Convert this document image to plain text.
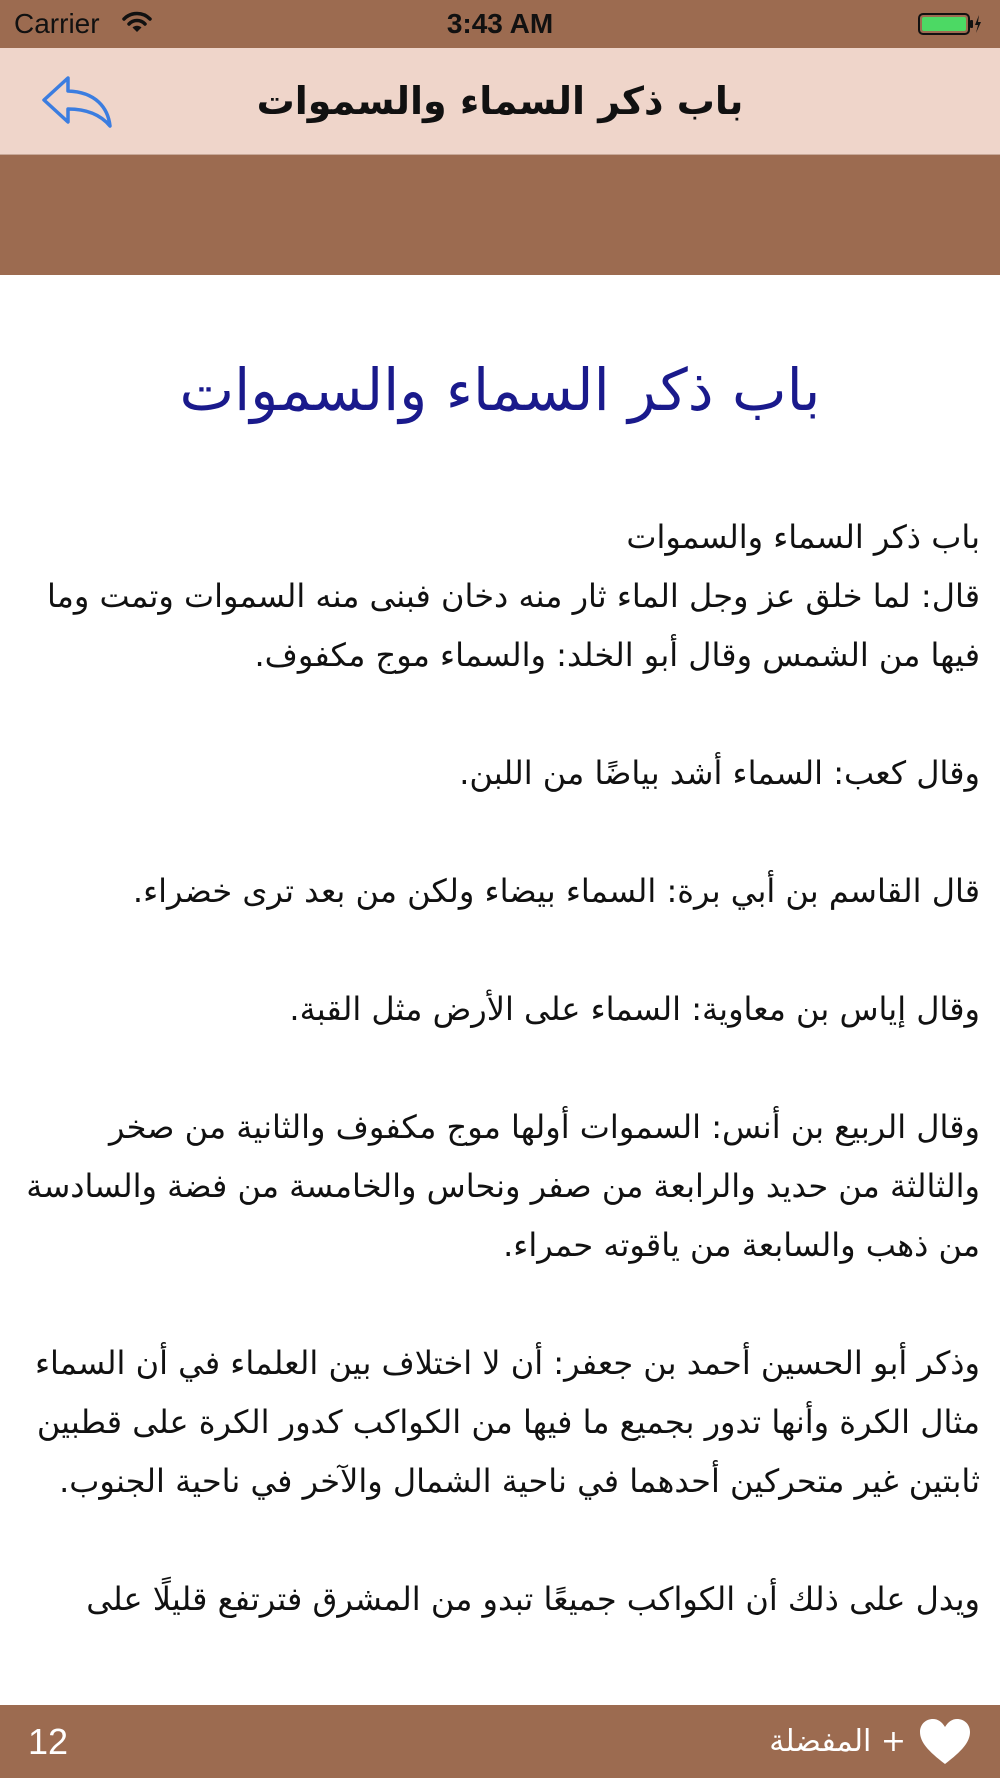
Carrier	3:43 AM
باب ذكر السماء والسموات
باب ذكر السماء والسموات

باب ذكر السماء والسموات

قال: لما خلق عز وجل الماء ثار منه دخان فبنى منه السموات وتمت وما فيها من الشمس وقال أبو الخلد: والسماء موج مكفوف.

وقال كعب: السماء أشد بياضًا من اللبن.

قال القاسم بن أبي برة: السماء بيضاء ولكن من بعد ترى خضراء.

وقال إياس بن معاوية: السماء على الأرض مثل القبة.

وقال الربيع بن أنس: السموات أولها موج مكفوف والثانية من صخر والثالثة من حديد والرابعة من صفر ونحاس والخامسة من فضة والسادسة من ذهب والسابعة من ياقوته حمراء.

وذكر أبو الحسين أحمد بن جعفر: أن لا اختلاف بين العلماء في أن السماء مثال الكرة وأنها تدور بجميع ما فيها من الكواكب كدور الكرة على قطبين ثابتين غير متحركين أحدهما في ناحية الشمال والآخر في ناحية الجنوب.

ويدل على ذلك أن الكواكب جميعًا تبدو من المشرق فترتفع قليلًا على

12	+ المفضلة
